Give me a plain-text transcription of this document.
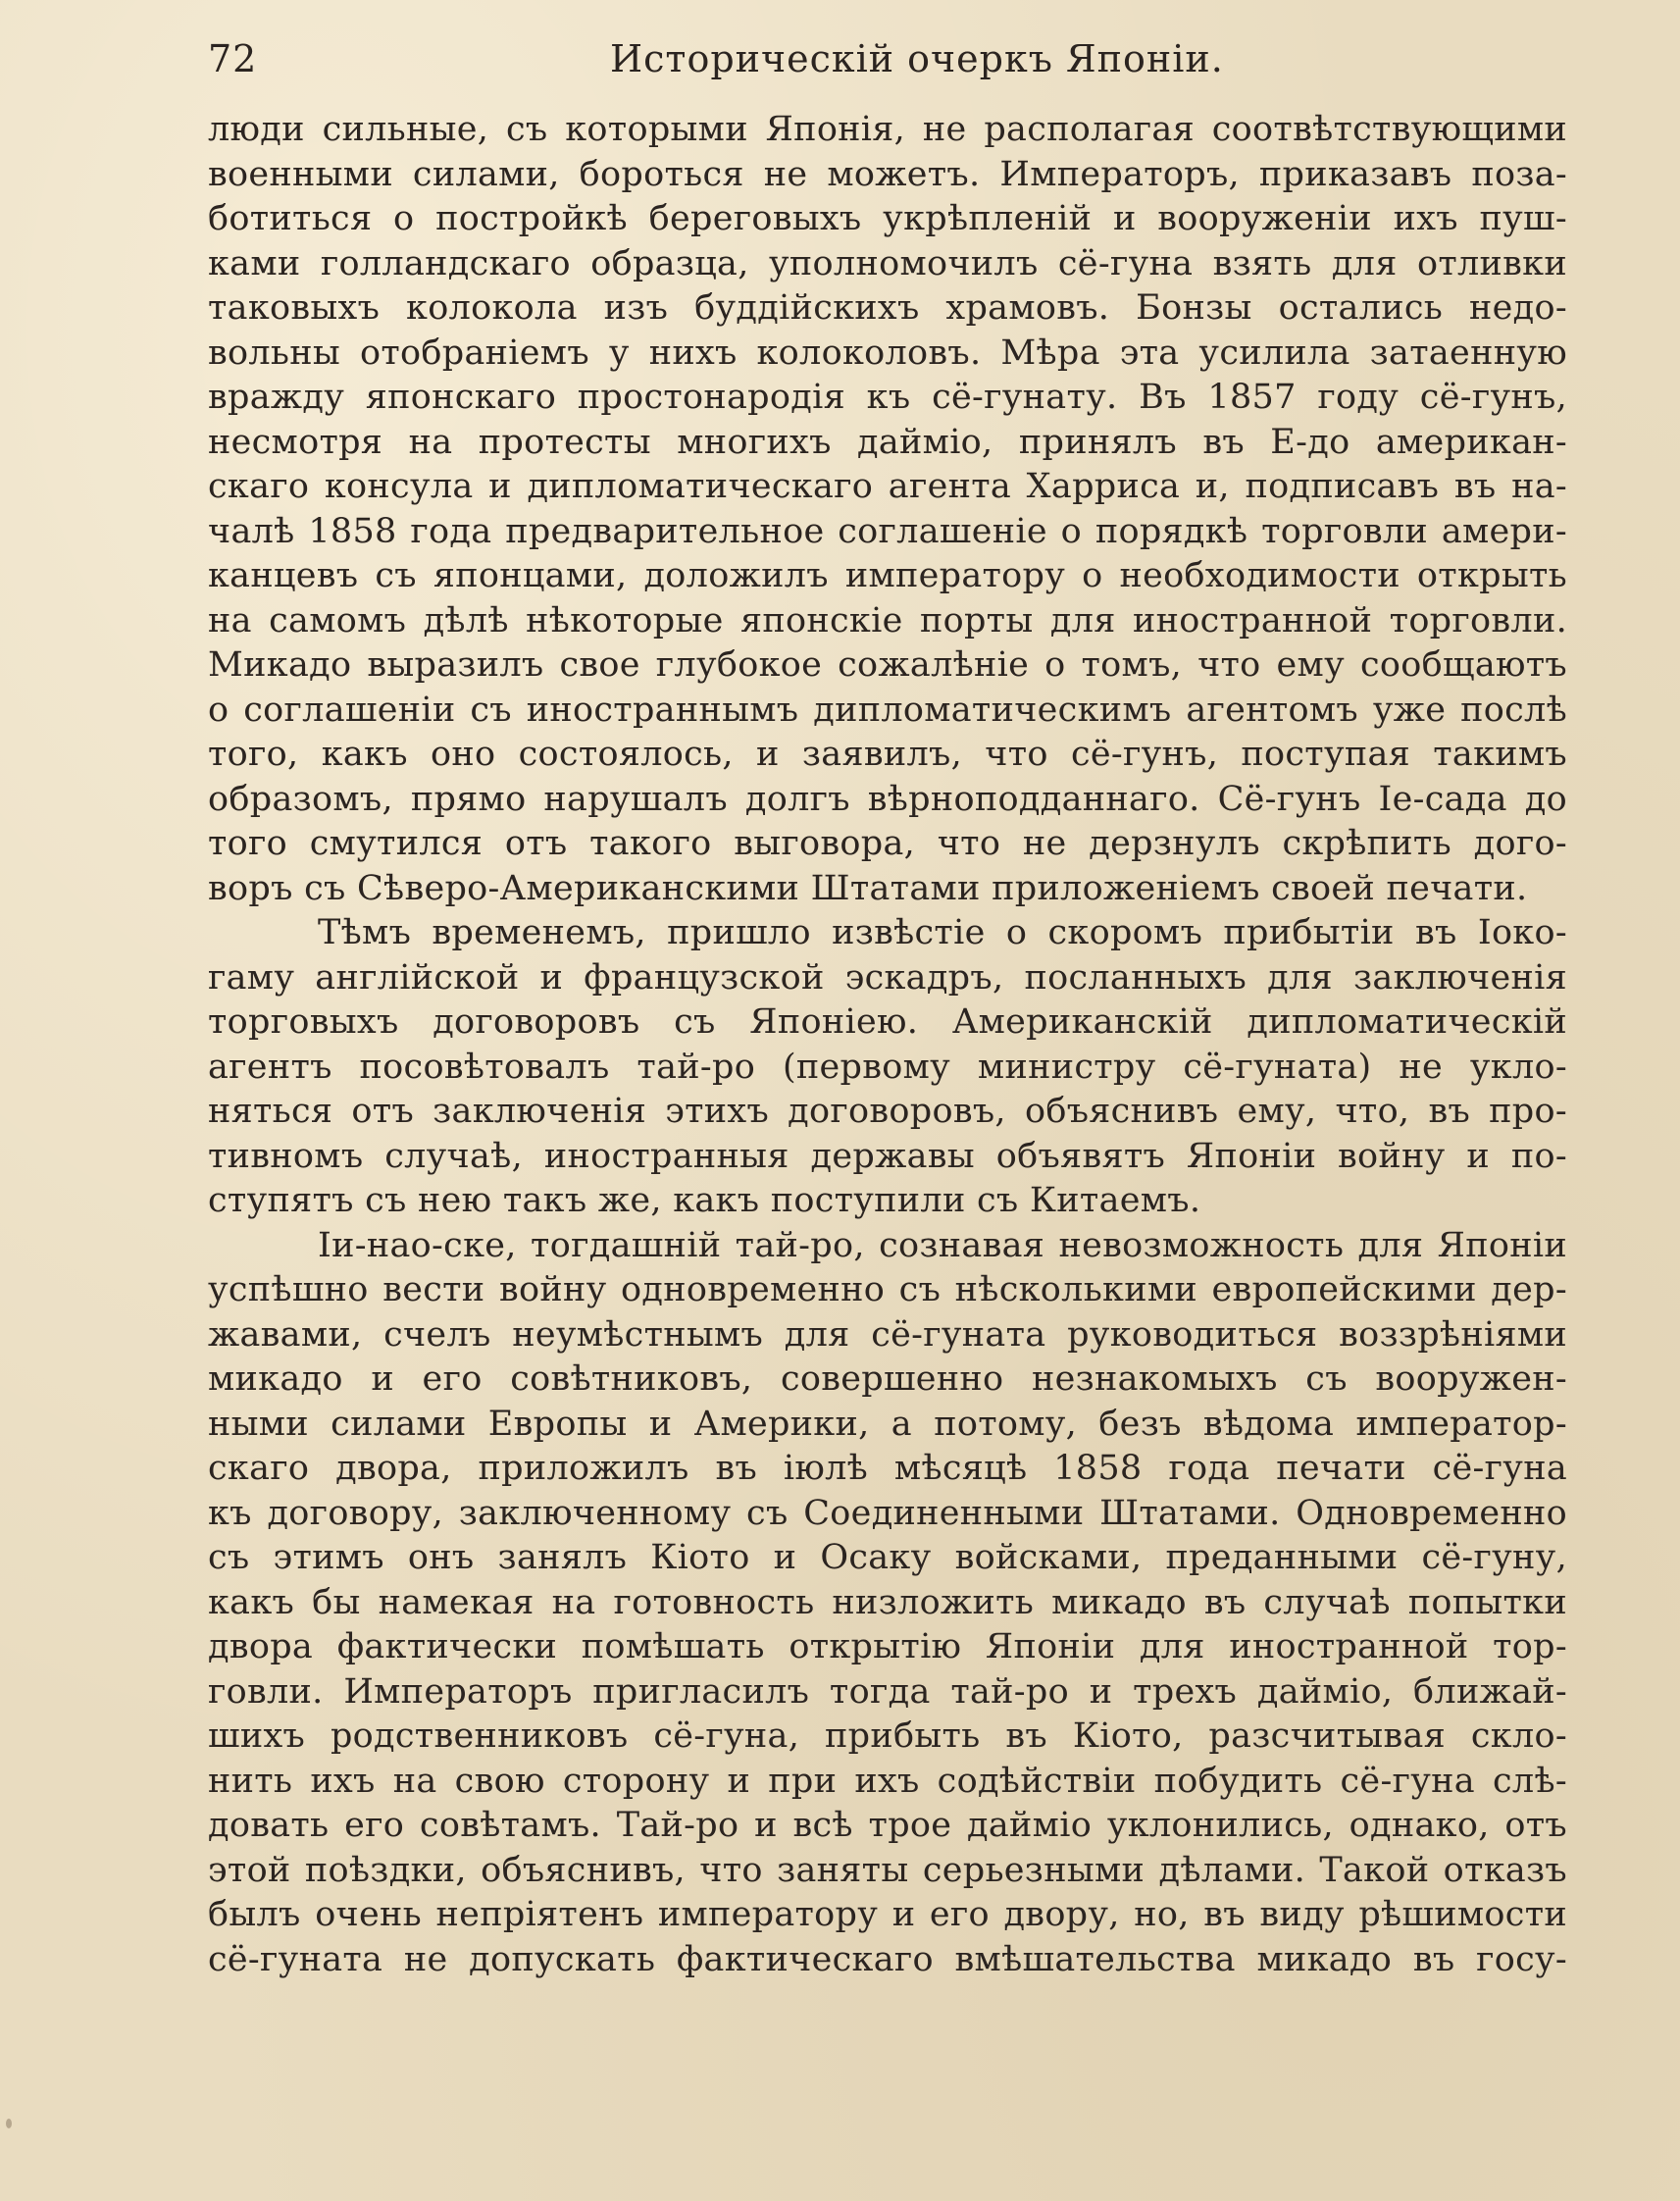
72	Историческій очеркъ Японіи.
люди сильные, съ которыми Японія, не располагая соотвѣтствующими
военными силами, бороться не можетъ. Императоръ, приказавъ поза-
ботиться о постройкѣ береговыхъ укрѣпленій и вооруженіи ихъ пуш-
ками голландскаго образца, уполномочилъ сё-гуна взять для отливки
таковыхъ колокола изъ буддійскихъ храмовъ. Бонзы остались недо-
вольны отобраніемъ у нихъ колоколовъ. Мѣра эта усилила затаенную
вражду японскаго простонародія къ сё-гунату. Въ 1857 году сё-гунъ,
несмотря на протесты многихъ дайміо, принялъ въ Е-до американ-
скаго консула и дипломатическаго агента Харриса и, подписавъ въ на-
чалѣ 1858 года предварительное соглашеніе о порядкѣ торговли амери-
канцевъ съ японцами, доложилъ императору о необходимости открыть
на самомъ дѣлѣ нѣкоторые японскіе порты для иностранной торговли.
Микадо выразилъ свое глубокое сожалѣніе о томъ, что ему сообщаютъ
о соглашеніи съ иностраннымъ дипломатическимъ агентомъ уже послѣ
того, какъ оно состоялось, и заявилъ, что сё-гунъ, поступая такимъ
образомъ, прямо нарушалъ долгъ вѣрноподданнаго. Сё-гунъ Іе-сада до
того смутился отъ такого выговора, что не дерзнулъ скрѣпить дого-
воръ съ Сѣверо-Американскими Штатами приложеніемъ своей печати.
Тѣмъ временемъ, пришло извѣстіе о скоромъ прибытіи въ Іоко-
гаму англійской и французской эскадръ, посланныхъ для заключенія
торговыхъ договоровъ съ Японіею. Американскій дипломатическій
агентъ посовѣтовалъ тай-ро (первому министру сё-гуната) не укло-
няться отъ заключенія этихъ договоровъ, объяснивъ ему, что, въ про-
тивномъ случаѣ, иностранныя державы объявятъ Японіи войну и по-
ступятъ съ нею такъ же, какъ поступили съ Китаемъ.
Іи-нао-ске, тогдашній тай-ро, сознавая невозможность для Японіи
успѣшно вести войну одновременно съ нѣсколькими европейскими дер-
жавами, счелъ неумѣстнымъ для сё-гуната руководиться воззрѣніями
микадо и его совѣтниковъ, совершенно незнакомыхъ съ вооружен-
ными силами Европы и Америки, а потому, безъ вѣдома император-
скаго двора, приложилъ въ іюлѣ мѣсяцѣ 1858 года печати сё-гуна
къ договору, заключенному съ Соединенными Штатами. Одновременно
съ этимъ онъ занялъ Кіото и Осаку войсками, преданными сё-гуну,
какъ бы намекая на готовность низложить микадо въ случаѣ попытки
двора фактически помѣшать открытію Японіи для иностранной тор-
говли. Императоръ пригласилъ тогда тай-ро и трехъ дайміо, ближай-
шихъ родственниковъ сё-гуна, прибыть въ Кіото, разсчитывая скло-
нить ихъ на свою сторону и при ихъ содѣйствіи побудить сё-гуна слѣ-
довать его совѣтамъ. Тай-ро и всѣ трое дайміо уклонились, однако, отъ
этой поѣздки, объяснивъ, что заняты серьезными дѣлами. Такой отказъ
былъ очень непріятенъ императору и его двору, но, въ виду рѣшимости
сё-гуната не допускать фактическаго вмѣшательства микадо въ госу-
